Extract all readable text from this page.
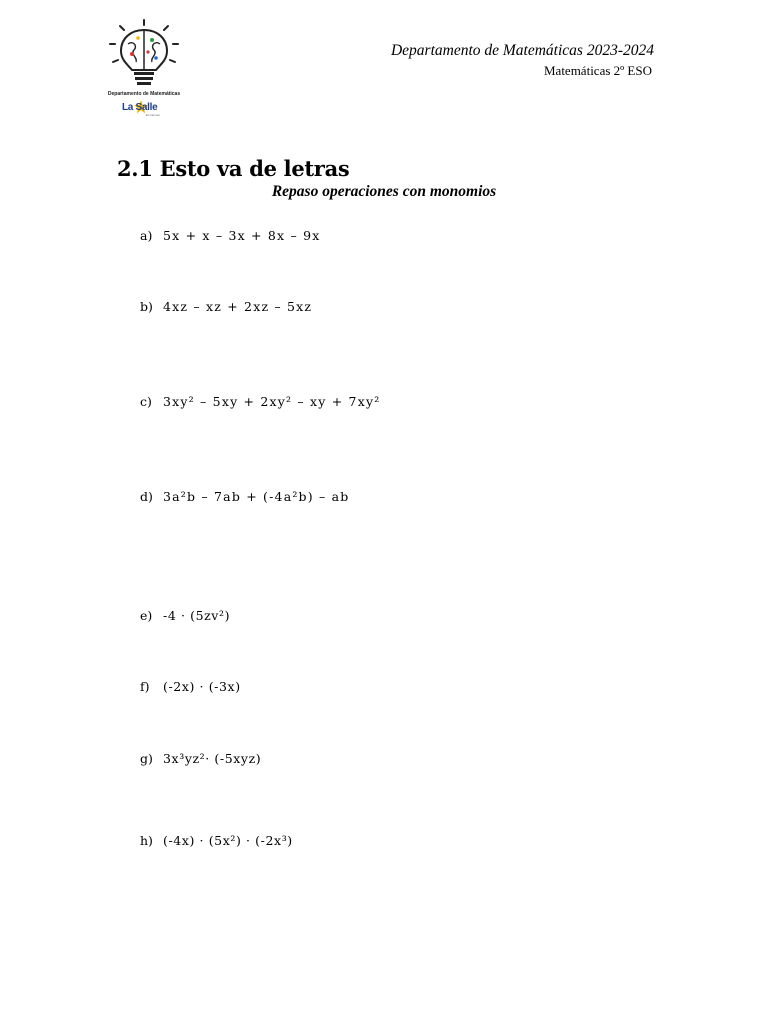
Departamento de Matemáticas
La Salle
El Carmen
Departamento de Matemáticas 2023-2024
Matemáticas 2º ESO
2.1 Esto va de letras
Repaso operaciones con monomios
a) 5x + x – 3x + 8x – 9x
b) 4xz – xz + 2xz – 5xz
c) 3xy² – 5xy + 2xy² – xy + 7xy²
d) 3a²b – 7ab + (-4a²b) – ab
e) -4 · (5zv²)
f) (-2x) · (-3x)
g) 3x³yz²· (-5xyz)
h) (-4x) · (5x²) · (-2x³)
